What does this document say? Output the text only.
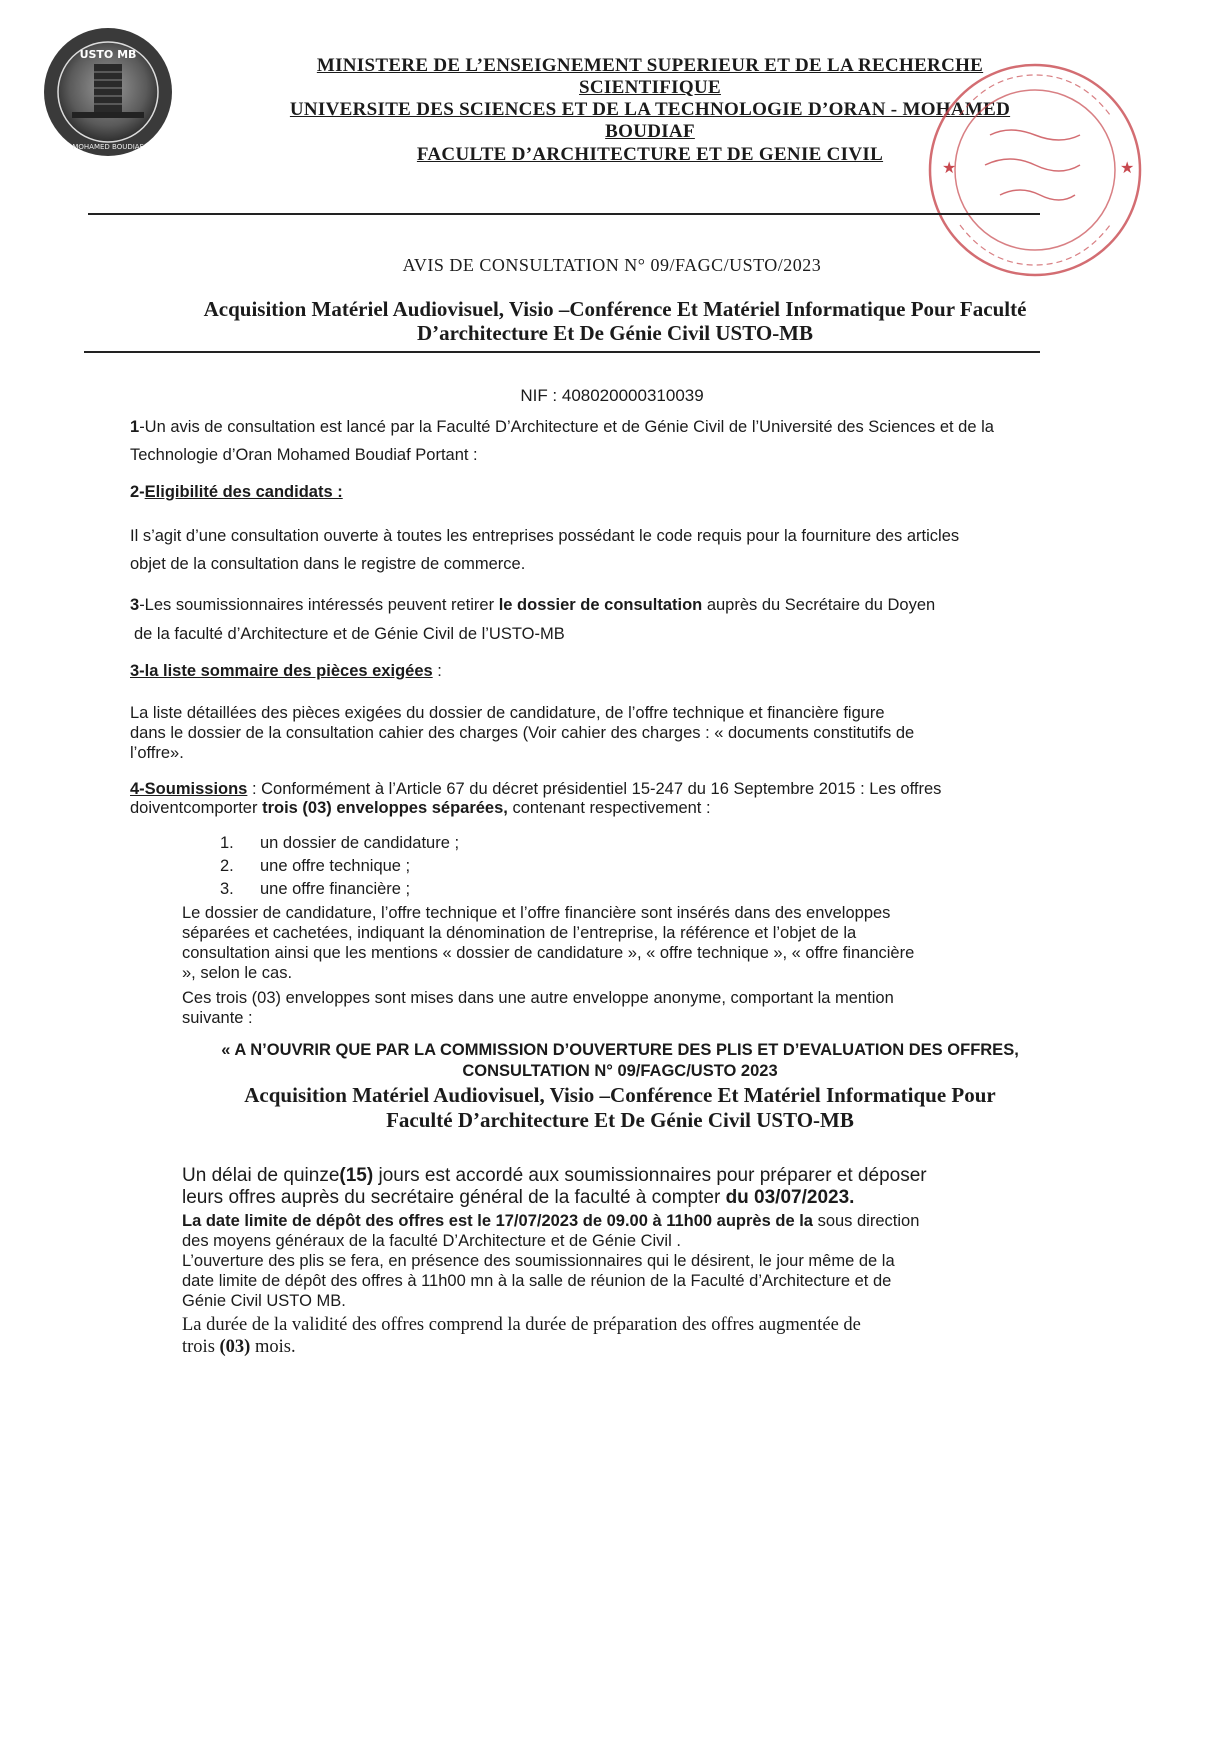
USTO MB
MOHAMED BOUDIAF
MINISTERE DE L’ENSEIGNEMENT SUPERIEUR ET DE LA RECHERCHE
SCIENTIFIQUE
UNIVERSITE DES SCIENCES ET DE LA TECHNOLOGIE D’ORAN - MOHAMED
BOUDIAF
FACULTE D’ARCHITECTURE ET DE GENIE CIVIL
★	★
AVIS DE CONSULTATION N° 09/FAGC/USTO/2023
Acquisition Matériel Audiovisuel, Visio –Conférence Et Matériel Informatique Pour Faculté
D’architecture Et De Génie Civil USTO-MB
NIF : 408020000310039
1-Un avis de consultation est lancé par la Faculté D’Architecture et de Génie Civil de l’Université des Sciences et de la
Technologie d’Oran Mohamed Boudiaf Portant :
2-Eligibilité des candidats :
Il s’agit d’une consultation ouverte à toutes les entreprises possédant le code requis pour la fourniture des articles
objet de la consultation dans le registre de commerce.
3-Les soumissionnaires intéressés peuvent retirer le dossier de consultation auprès du Secrétaire du Doyen
de la faculté d’Architecture et de Génie Civil de l’USTO-MB
3-la liste sommaire des pièces exigées :
La liste détaillées des pièces exigées du dossier de candidature, de l’offre technique et financière figure
dans le dossier de la consultation cahier des charges (Voir cahier des charges : « documents constitutifs de
l’offre».
4-Soumissions : Conformément à l’Article 67 du décret présidentiel 15-247 du 16 Septembre 2015 : Les offres
doiventcomporter trois (03) enveloppes séparées, contenant respectivement :
1. un dossier de candidature ;
2. une offre technique ;
3. une offre financière ;
Le dossier de candidature, l’offre technique et l’offre financière sont insérés dans des enveloppes
séparées et cachetées, indiquant la dénomination de l’entreprise, la référence et l’objet de la
consultation ainsi que les mentions « dossier de candidature », « offre technique », « offre financière
», selon le cas.
Ces trois (03) enveloppes sont mises dans une autre enveloppe anonyme, comportant la mention
suivante :
« A N’OUVRIR QUE PAR LA COMMISSION D’OUVERTURE DES PLIS ET D’EVALUATION DES OFFRES,
CONSULTATION N° 09/FAGC/USTO 2023
Acquisition Matériel Audiovisuel, Visio –Conférence Et Matériel Informatique Pour
Faculté D’architecture Et De Génie Civil USTO-MB
Un délai de quinze(15) jours est accordé aux soumissionnaires pour préparer et déposer
leurs offres auprès du secrétaire général de la faculté à compter du 03/07/2023.
La date limite de dépôt des offres est le 17/07/2023 de 09.00 à 11h00 auprès de la sous direction
des moyens généraux de la faculté D’Architecture et de Génie Civil .
L’ouverture des plis se fera, en présence des soumissionnaires qui le désirent, le jour même de la
date limite de dépôt des offres à 11h00 mn à la salle de réunion de la Faculté d’Architecture et de
Génie Civil USTO MB.
La durée de la validité des offres comprend la durée de préparation des offres augmentée de
trois (03) mois.
